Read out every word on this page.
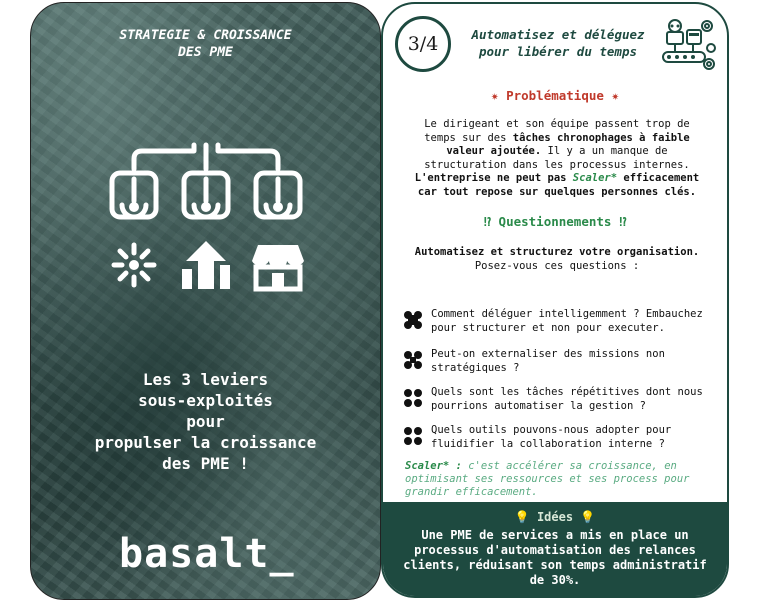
STRATEGIE & CROISSANCE
DES PME
Les 3 leviers
sous-exploités
pour
propulser la croissance
des PME !
basalt_
3/4	Automatisez et déléguez
pour libérer du temps
✷ Problématique ✷
Le dirigeant et son équipe passent trop de temps sur des tâches chronophages à faible valeur ajoutée. Il y a un manque de structuration dans les processus internes. L'entreprise ne peut pas Scaler* efficacement car tout repose sur quelques personnes clés.
⁉ Questionnements ⁉
Automatisez et structurez votre organisation.
Posez-vous ces questions :
Comment déléguer intelligemment ? Embauchez pour structurer et non pour executer.
Peut-on externaliser des missions non stratégiques ?
Quels sont les tâches répétitives dont nous pourrions automatiser la gestion ?
Quels outils pouvons-nous adopter pour fluidifier la collaboration interne ?
Scaler* : c'est accélérer sa croissance, en optimisant ses ressources et ses process pour grandir efficacement.
💡 Idées 💡
Une PME de services a mis en place un processus d'automatisation des relances clients, réduisant son temps administratif de 30%.
